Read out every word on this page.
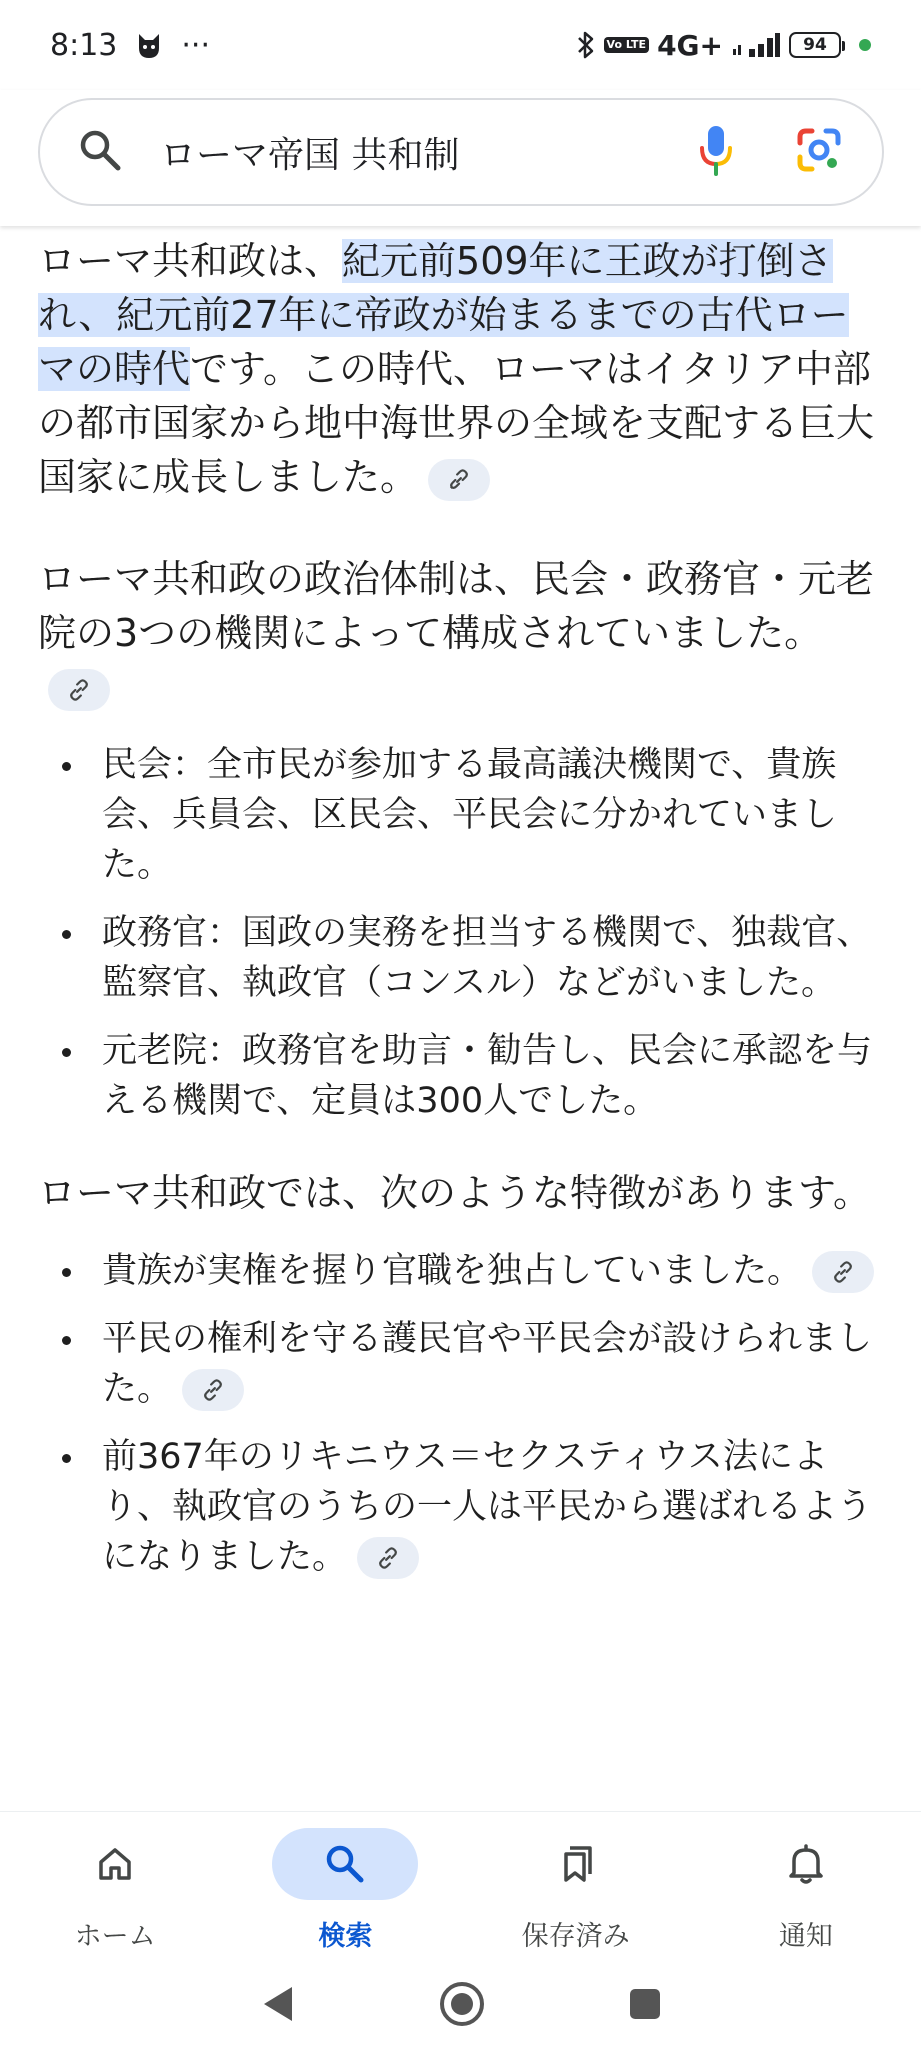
8:13 ···	Vo LTE 4G+	94
ローマ帝国 共和制

ローマ共和政は、紀元前509年に王政が打倒され、紀元前27年に帝政が始まるまでの古代ローマの時代です。この時代、ローマはイタリア中部の都市国家から地中海世界の全域を支配する巨大国家に成長しました。

ローマ共和政の政治体制は、民会・政務官・元老院の3つの機関によって構成されていました。

民会：全市民が参加する最高議決機関で、貴族会、兵員会、区民会、平民会に分かれていました。
政務官：国政の実務を担当する機関で、独裁官、監察官、執政官（コンスル）などがいました。
元老院：政務官を助言・勧告し、民会に承認を与える機関で、定員は300人でした。

ローマ共和政では、次のような特徴があります。

貴族が実権を握り官職を独占していました。
平民の権利を守る護民官や平民会が設けられました。
前367年のリキニウス＝セクスティウス法により、執政官のうちの一人は平民から選ばれるようになりました。
ホーム	検索	保存済み	通知
